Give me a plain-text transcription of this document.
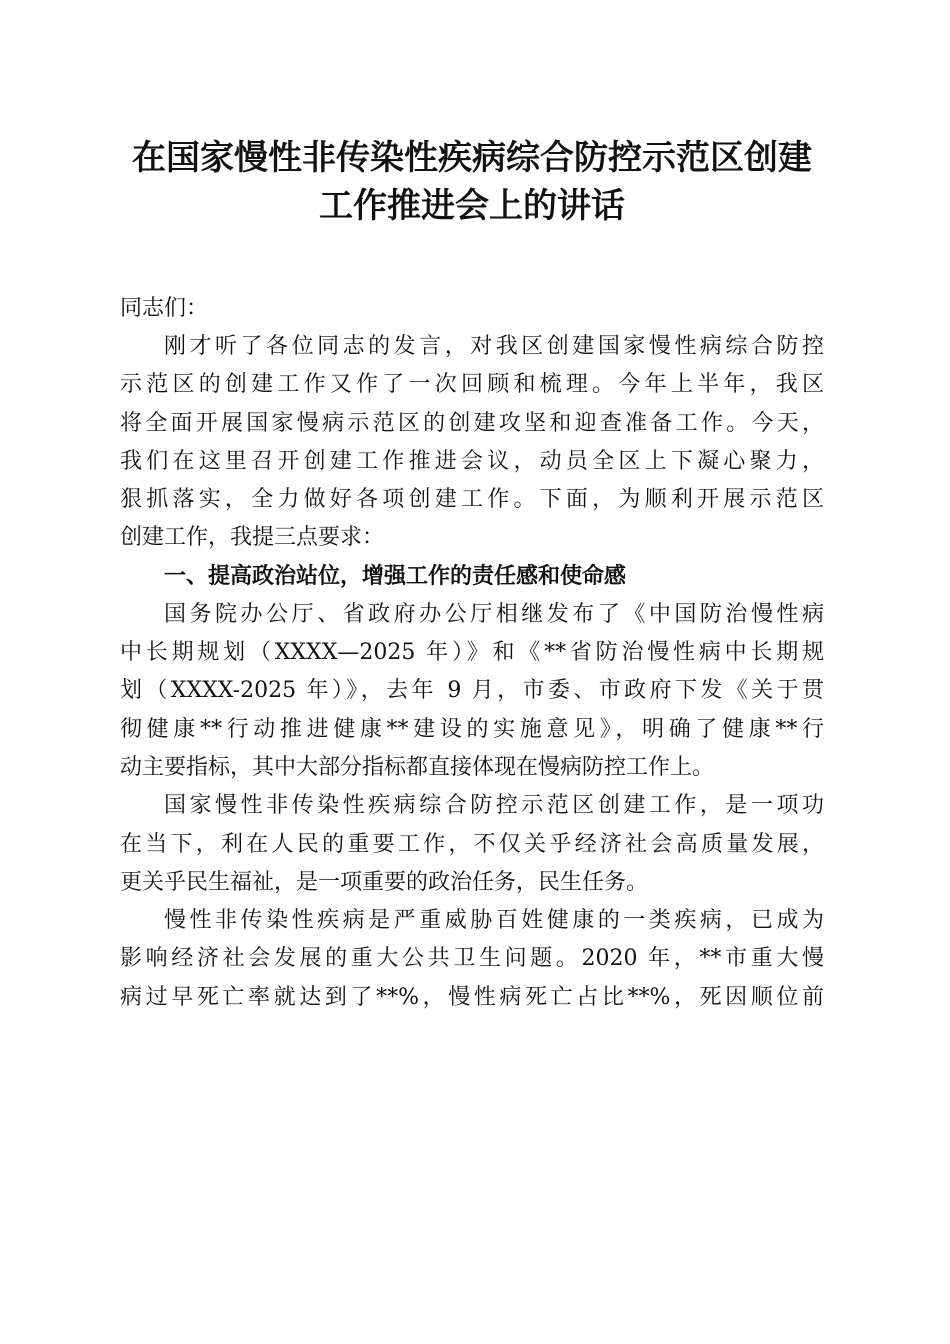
在国家慢性非传染性疾病综合防控示范区创建
工作推进会上的讲话
同志们：

刚才听了各位同志的发言，对我区创建国家慢性病综合防控
示范区的创建工作又作了一次回顾和梳理。今年上半年，我区
将全面开展国家慢病示范区的创建攻坚和迎查准备工作。今天，
我们在这里召开创建工作推进会议，动员全区上下凝心聚力，
狠抓落实，全力做好各项创建工作。下面，为顺利开展示范区
创建工作，我提三点要求：

一、提高政治站位，增强工作的责任感和使命感

国务院办公厅、省政府办公厅相继发布了《中国防治慢性病
中长期规划（XXXX—2025 年）》和《**省防治慢性病中长期规
划（XXXX-2025 年）》，去年 9 月，市委、市政府下发《关于贯
彻健康**行动推进健康**建设的实施意见》，明确了健康**行
动主要指标，其中大部分指标都直接体现在慢病防控工作上。

国家慢性非传染性疾病综合防控示范区创建工作，是一项功
在当下，利在人民的重要工作，不仅关乎经济社会高质量发展，
更关乎民生福祉，是一项重要的政治任务，民生任务。

慢性非传染性疾病是严重威胁百姓健康的一类疾病，已成为
影响经济社会发展的重大公共卫生问题。2020 年，**市重大慢
病过早死亡率就达到了**%，慢性病死亡占比**%，死因顺位前
